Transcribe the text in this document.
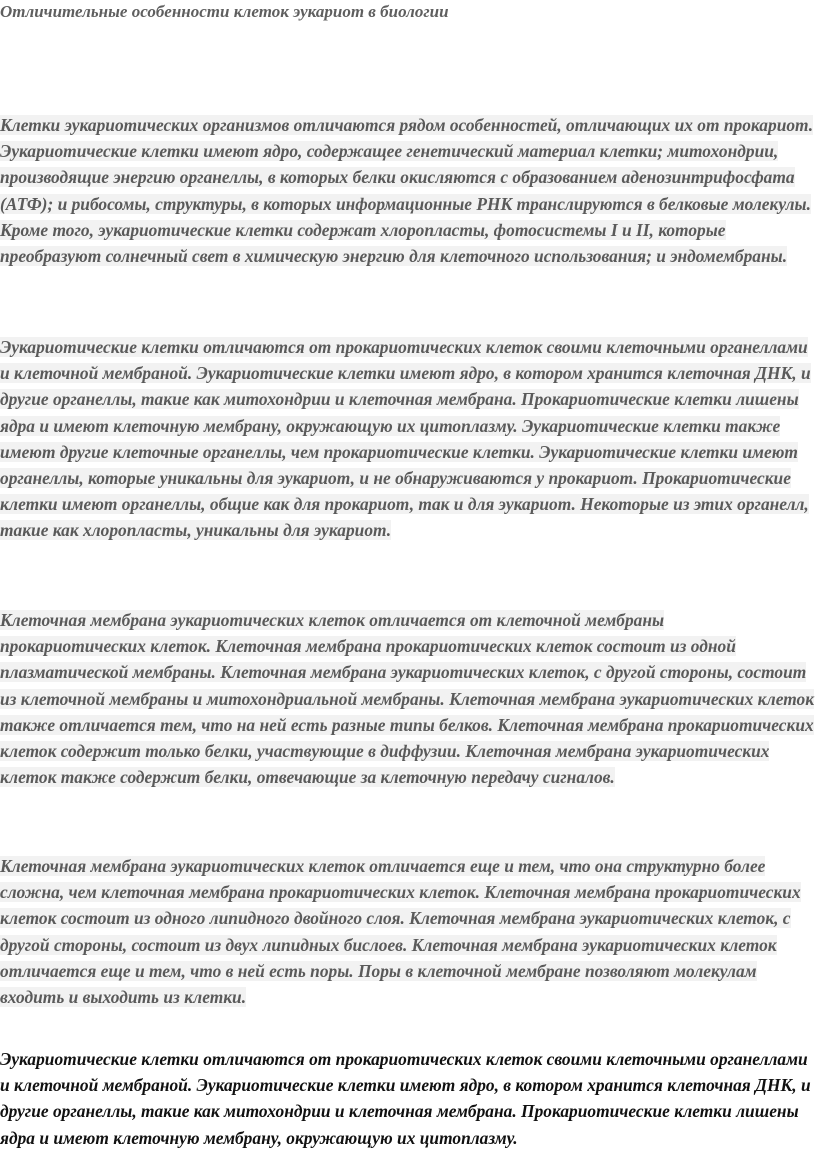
Отличительные особенности клеток эукариот в биологии

Клетки эукариотических организмов отличаются рядом особенностей, отличающих их от прокариот. Эукариотические клетки имеют ядро, содержащее генетический материал клетки; митохондрии, производящие энергию органеллы, в которых белки окисляются с образованием аденозинтрифосфата (АТФ); и рибосомы, структуры, в которых информационные РНК транслируются в белковые молекулы. Кроме того, эукариотические клетки содержат хлоропласты, фотосистемы I и II, которые преобразуют солнечный свет в химическую энергию для клеточного использования; и эндомембраны.

Эукариотические клетки отличаются от прокариотических клеток своими клеточными органеллами и клеточной мембраной. Эукариотические клетки имеют ядро, в котором хранится клеточная ДНК, и другие органеллы, такие как митохондрии и клеточная мембрана. Прокариотические клетки лишены ядра и имеют клеточную мембрану, окружающую их цитоплазму. Эукариотические клетки также имеют другие клеточные органеллы, чем прокариотические клетки. Эукариотические клетки имеют органеллы, которые уникальны для эукариот, и не обнаруживаются у прокариот. Прокариотические клетки имеют органеллы, общие как для прокариот, так и для эукариот. Некоторые из этих органелл, такие как хлоропласты, уникальны для эукариот.

Клеточная мембрана эукариотических клеток отличается от клеточной мембраны прокариотических клеток. Клеточная мембрана прокариотических клеток состоит из одной плазматической мембраны. Клеточная мембрана эукариотических клеток, с другой стороны, состоит из клеточной мембраны и митохондриальной мембраны. Клеточная мембрана эукариотических клеток также отличается тем, что на ней есть разные типы белков. Клеточная мембрана прокариотических клеток содержит только белки, участвующие в диффузии. Клеточная мембрана эукариотических клеток также содержит белки, отвечающие за клеточную передачу сигналов.

Клеточная мембрана эукариотических клеток отличается еще и тем, что она структурно более сложна, чем клеточная мембрана прокариотических клеток. Клеточная мембрана прокариотических клеток состоит из одного липидного двойного слоя. Клеточная мембрана эукариотических клеток, с другой стороны, состоит из двух липидных бислоев. Клеточная мембрана эукариотических клеток отличается еще и тем, что в ней есть поры. Поры в клеточной мембране позволяют молекулам входить и выходить из клетки.

Эукариотические клетки отличаются от прокариотических клеток своими клеточными органеллами и клеточной мембраной. Эукариотические клетки имеют ядро, в котором хранится клеточная ДНК, и другие органеллы, такие как митохондрии и клеточная мембрана. Прокариотические клетки лишены ядра и имеют клеточную мембрану, окружающую их цитоплазму.
